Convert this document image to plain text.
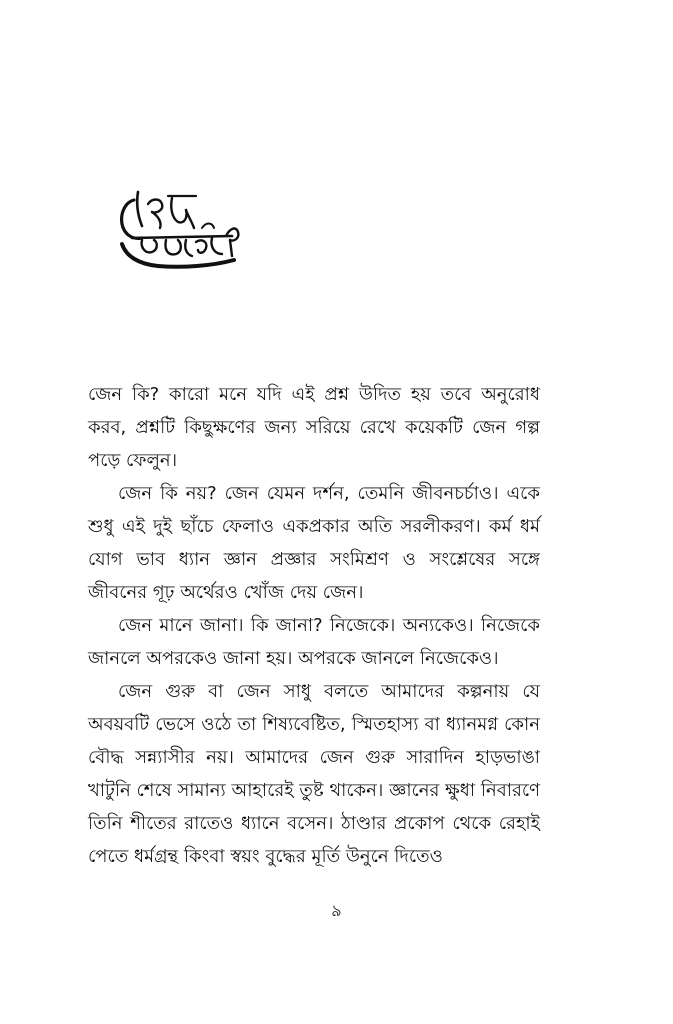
জেন কি? কারো মনে যদি এই প্রশ্ন উদিত হয় তবে অনুরোধ করব, প্রশ্নটি কিছুক্ষণের জন্য সরিয়ে রেখে কয়েকটি জেন গল্প পড়ে ফেলুন।

জেন কি নয়? জেন যেমন দর্শন, তেমনি জীবনচর্চাও। একে শুধু এই দুই ছাঁচে ফেলাও একপ্রকার অতি সরলীকরণ। কর্ম ধর্ম যোগ ভাব ধ্যান জ্ঞান প্রজ্ঞার সংমিশ্রণ ও সংশ্লেষের সঙ্গে জীবনের গূঢ় অর্থেরও খোঁজ দেয় জেন।

জেন মানে জানা। কি জানা? নিজেকে। অন্যকেও। নিজেকে জানলে অপরকেও জানা হয়। অপরকে জানলে নিজেকেও।

জেন গুরু বা জেন সাধু বলতে আমাদের কল্পনায় যে অবয়বটি ভেসে ওঠে তা শিষ্যবেষ্টিত, স্মিতহাস্য বা ধ্যানমগ্ন কোন বৌদ্ধ সন্ন্যাসীর নয়। আমাদের জেন গুরু সারাদিন হাড়ভাঙা খাটুনি শেষে সামান্য আহারেই তুষ্ট থাকেন। জ্ঞানের ক্ষুধা নিবারণে তিনি শীতের রাতেও ধ্যানে বসেন। ঠাণ্ডার প্রকোপ থেকে রেহাই পেতে ধর্মগ্রন্থ কিংবা স্বয়ং বুদ্ধের মূর্তি উনুনে দিতেও

৯
